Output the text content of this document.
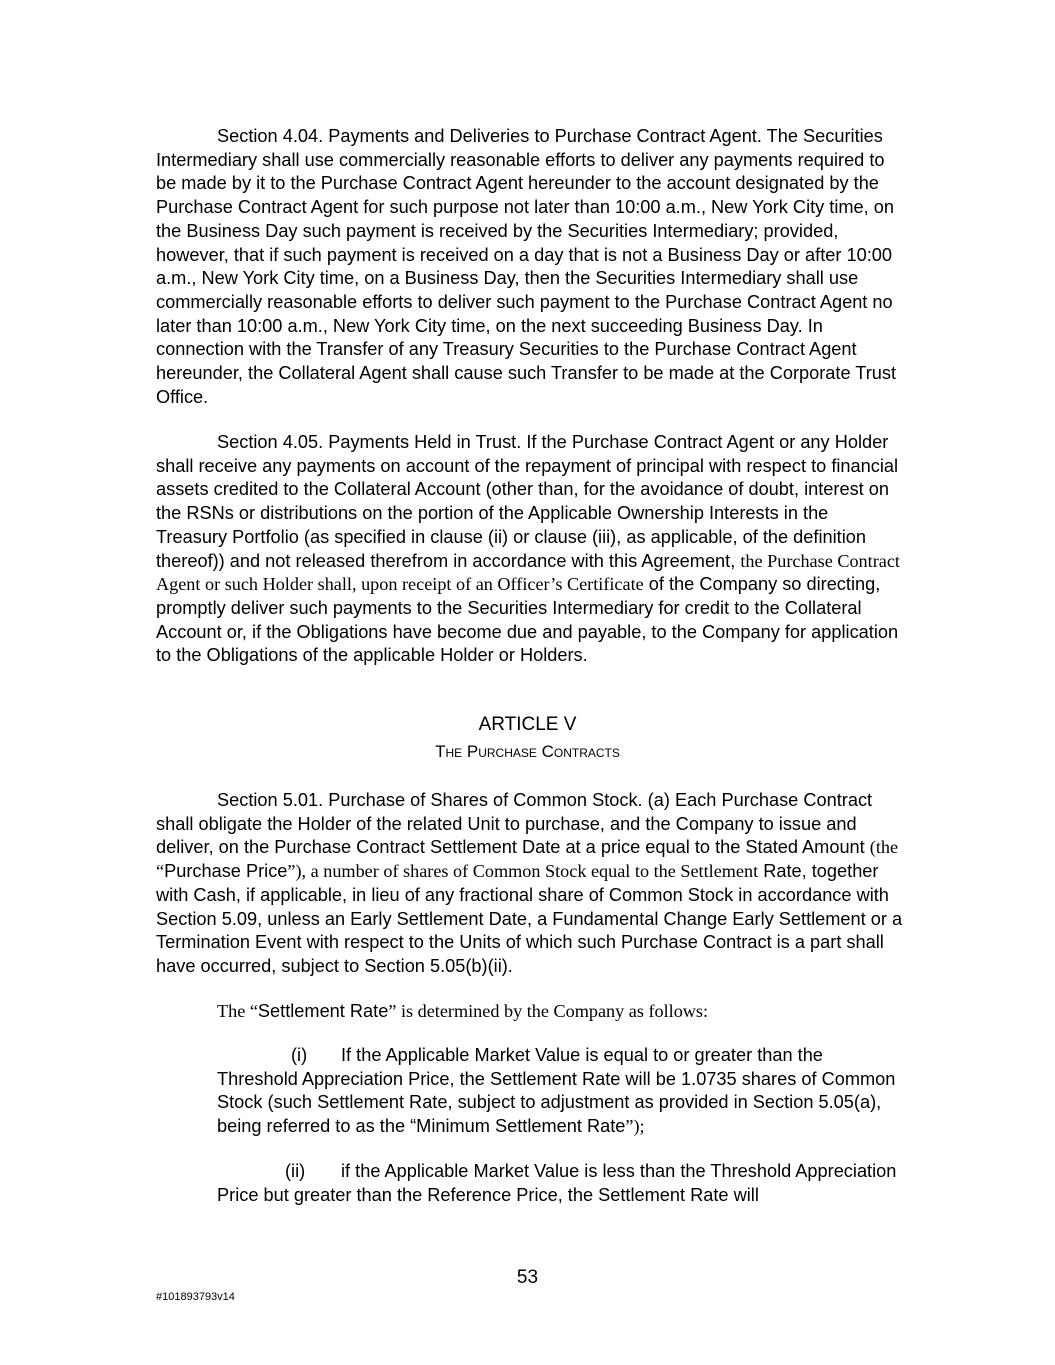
Section 4.04. Payments and Deliveries to Purchase Contract Agent. The Securities Intermediary shall use commercially reasonable efforts to deliver any payments required to be made by it to the Purchase Contract Agent hereunder to the account designated by the Purchase Contract Agent for such purpose not later than 10:00 a.m., New York City time, on the Business Day such payment is received by the Securities Intermediary; provided, however, that if such payment is received on a day that is not a Business Day or after 10:00 a.m., New York City time, on a Business Day, then the Securities Intermediary shall use commercially reasonable efforts to deliver such payment to the Purchase Contract Agent no later than 10:00 a.m., New York City time, on the next succeeding Business Day. In connection with the Transfer of any Treasury Securities to the Purchase Contract Agent hereunder, the Collateral Agent shall cause such Transfer to be made at the Corporate Trust Office.

Section 4.05. Payments Held in Trust. If the Purchase Contract Agent or any Holder shall receive any payments on account of the repayment of principal with respect to financial assets credited to the Collateral Account (other than, for the avoidance of doubt, interest on the RSNs or distributions on the portion of the Applicable Ownership Interests in the Treasury Portfolio (as specified in clause (ii) or clause (iii), as applicable, of the definition thereof)) and not released therefrom in accordance with this Agreement, the Purchase Contract Agent or such Holder shall, upon receipt of an Officer’s Certificate of the Company so directing, promptly deliver such payments to the Securities Intermediary for credit to the Collateral Account or, if the Obligations have become due and payable, to the Company for application to the Obligations of the applicable Holder or Holders.

ARTICLE V

The Purchase Contracts

Section 5.01. Purchase of Shares of Common Stock. (a) Each Purchase Contract shall obligate the Holder of the related Unit to purchase, and the Company to issue and deliver, on the Purchase Contract Settlement Date at a price equal to the Stated Amount (the “Purchase Price”), a number of shares of Common Stock equal to the Settlement Rate, together with Cash, if applicable, in lieu of any fractional share of Common Stock in accordance with Section 5.09, unless an Early Settlement Date, a Fundamental Change Early Settlement or a Termination Event with respect to the Units of which such Purchase Contract is a part shall have occurred, subject to Section 5.05(b)(ii).

The “Settlement Rate” is determined by the Company as follows:

(i) If the Applicable Market Value is equal to or greater than the Threshold Appreciation Price, the Settlement Rate will be 1.0735 shares of Common Stock (such Settlement Rate, subject to adjustment as provided in Section 5.05(a), being referred to as the “Minimum Settlement Rate”);

(ii) if the Applicable Market Value is less than the Threshold Appreciation Price but greater than the Reference Price, the Settlement Rate will

53
#101893793v14
